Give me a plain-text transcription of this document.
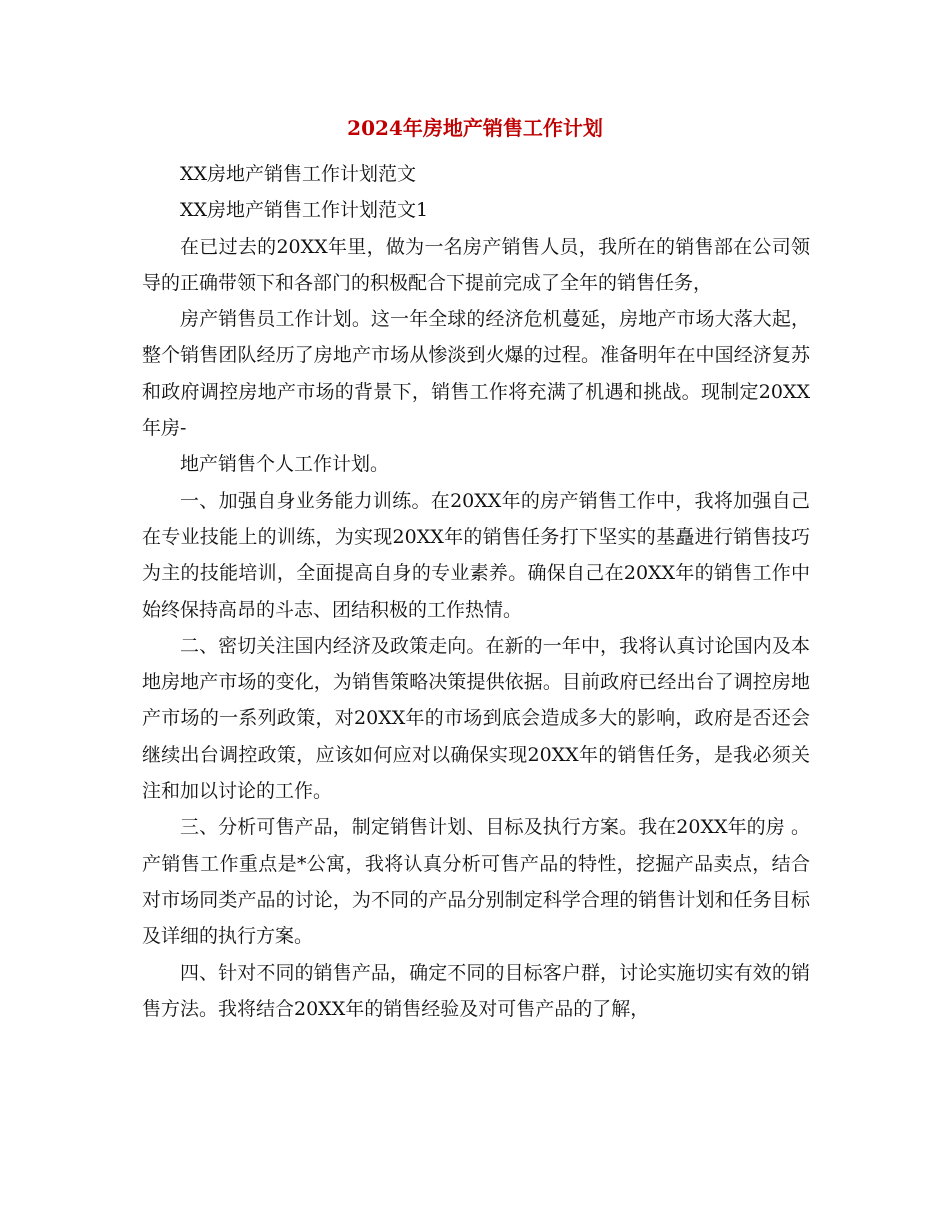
2024年房地产销售工作计划

XX房地产销售工作计划范文

XX房地产销售工作计划范文1

在已过去的20XX年里，做为一名房产销售人员，我所在的销售部在公司领导的正确带领下和各部门的积极配合下提前完成了全年的销售任务，

房产销售员工作计划。这一年全球的经济危机蔓延，房地产市场大落大起，整个销售团队经历了房地产市场从惨淡到火爆的过程。准备明年在中国经济复苏和政府调控房地产市场的背景下，销售工作将充满了机遇和挑战。现制定20XX年房-

地产销售个人工作计划。

一、加强自身业务能力训练。在20XX年的房产销售工作中，我将加强自己在专业技能上的训练，为实现20XX年的销售任务打下坚实的基矗进行销售技巧为主的技能培训，全面提高自身的专业素养。确保自己在20XX年的销售工作中始终保持高昂的斗志、团结积极的工作热情。

二、密切关注国内经济及政策走向。在新的一年中，我将认真讨论国内及本地房地产市场的变化，为销售策略决策提供依据。目前政府已经出台了调控房地产市场的一系列政策，对20XX年的市场到底会造成多大的影响，政府是否还会继续出台调控政策，应该如何应对以确保实现20XX年的销售任务，是我必须关注和加以讨论的工作。

三、分析可售产品，制定销售计划、目标及执行方案。我在20XX年的房 。 产销售工作重点是*公寓，我将认真分析可售产品的特性，挖掘产品卖点，结合对市场同类产品的讨论，为不同的产品分别制定科学合理的销售计划和任务目标及详细的执行方案。

四、针对不同的销售产品，确定不同的目标客户群，讨论实施切实有效的销售方法。我将结合20XX年的销售经验及对可售产品的了解，
